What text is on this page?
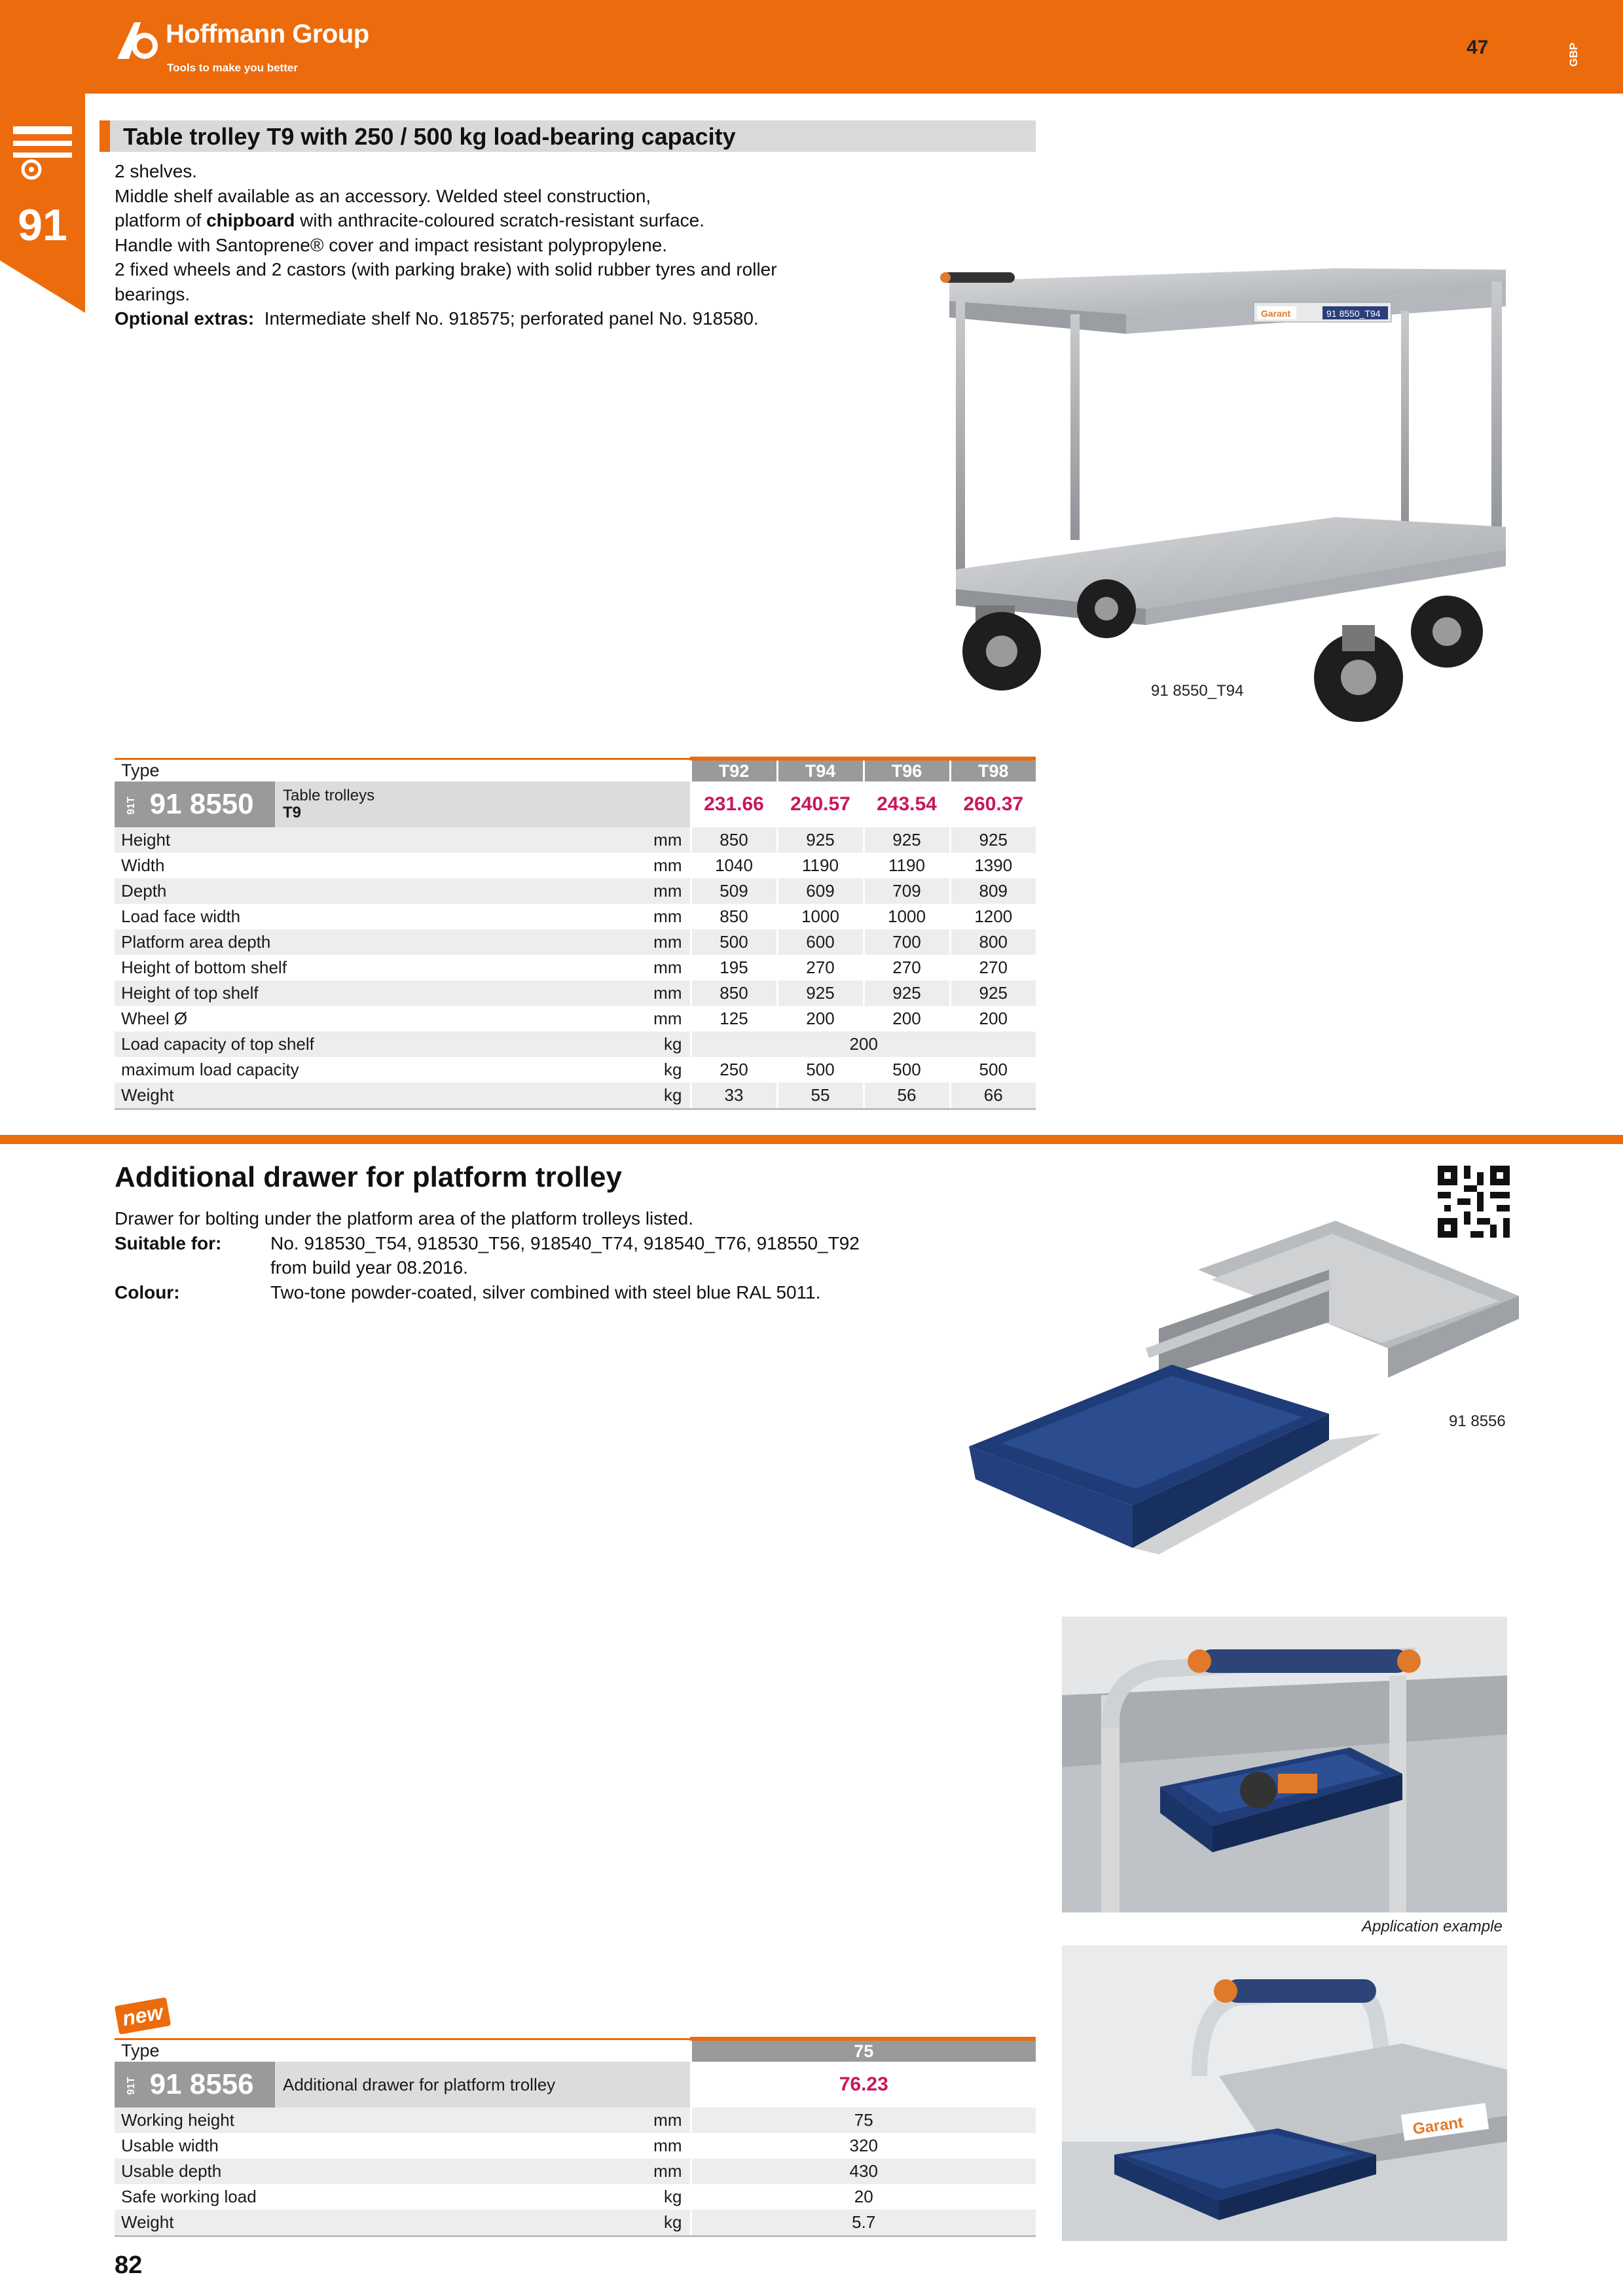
Hoffmann Group
Tools to make you better
47	GBP
91
Table trolley T9 with 250 / 500 kg load-bearing capacity
2 shelves.
Middle shelf available as an accessory. Welded steel construction,
platform of chipboard with anthracite-coloured scratch-resistant surface.
Handle with Santoprene® cover and impact resistant polypropylene.
2 fixed wheels and 2 castors (with parking brake) with solid rubber tyres and roller
bearings.
Optional extras: Intermediate shelf No. 918575; perforated panel No. 918580.	Garant	91 8550_T94
91 8550_T94
Type			T92	T94	T96	T98
91T 91 8550	Table trolleys
T9		231.66	240.57	243.54	260.37
Height		mm	850	925	925	925
Width		mm	1040	1190	1190	1390
Depth		mm	509	609	709	809
Load face width		mm	850	1000	1000	1200
Platform area depth		mm	500	600	700	800
Height of bottom shelf		mm	195	270	270	270
Height of top shelf		mm	850	925	925	925
Wheel Ø		mm	125	200	200	200
Load capacity of top shelf		kg	200			
maximum load capacity		kg	250	500	500	500
Weight		kg	33	55	56	66
Additional drawer for platform trolley
Drawer for bolting under the platform area of the platform trolleys listed.
Suitable for:	No. 918530_T54, 918530_T56, 918540_T74, 918540_T76, 918550_T92
from build year 08.2016.
Colour:	Two-tone powder-coated, silver combined with steel blue RAL 5011.
91 8556
Application example
Garant
new
Type			75
91T 91 8556	Additional drawer for platform trolley		76.23
Working height		mm	75
Usable width		mm	320
Usable depth		mm	430
Safe working load		kg	20
Weight		kg	5.7
82
